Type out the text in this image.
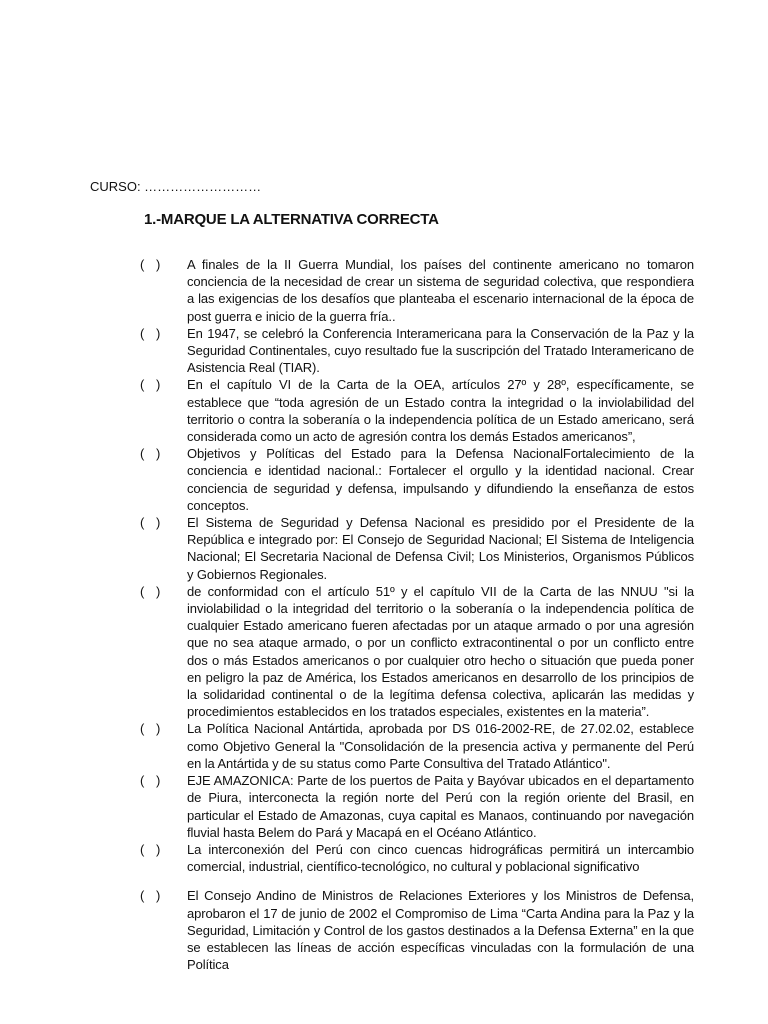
CURSO: ………………………
1.-MARQUE LA ALTERNATIVA CORRECTA
( ) A finales de la II Guerra Mundial, los países del continente americano no tomaron conciencia de la necesidad de crear un sistema de seguridad colectiva, que respondiera a las exigencias de los desafíos que planteaba el escenario internacional de la época de post guerra e inicio de la guerra fría..
( ) En 1947, se celebró la Conferencia Interamericana para la Conservación de la Paz y la Seguridad Continentales, cuyo resultado fue la suscripción del Tratado Interamericano de Asistencia Real (TIAR).
( ) En el capítulo VI de la Carta de la OEA, artículos 27º y 28º, específicamente, se establece que “toda agresión de un Estado contra la integridad o la inviolabilidad del territorio o contra la soberanía o la independencia política de un Estado americano, será considerada como un acto de agresión contra los demás Estados americanos”,
( ) Objetivos y Políticas del Estado para la Defensa NacionalFortalecimiento de la conciencia e identidad nacional.: Fortalecer el orgullo y la identidad nacional. Crear conciencia de seguridad y defensa, impulsando y difundiendo la enseñanza de estos conceptos.
( ) El Sistema de Seguridad y Defensa Nacional es presidido por el Presidente de la República e integrado por: El Consejo de Seguridad Nacional; El Sistema de Inteligencia Nacional; El Secretaria Nacional de Defensa Civil; Los Ministerios, Organismos Públicos y Gobiernos Regionales.
( ) de conformidad con el artículo 51º y el capítulo VII de la Carta de las NNUU "si la inviolabilidad o la integridad del territorio o la soberanía o la independencia política de cualquier Estado americano fueren afectadas por un ataque armado o por una agresión que no sea ataque armado, o por un conflicto extracontinental o por un conflicto entre dos o más Estados americanos o por cualquier otro hecho o situación que pueda poner en peligro la paz de América, los Estados americanos en desarrollo de los principios de la solidaridad continental o de la legítima defensa colectiva, aplicarán las medidas y procedimientos establecidos en los tratados especiales, existentes en la materia”.
( ) La Política Nacional Antártida, aprobada por DS 016-2002-RE, de 27.02.02, establece como Objetivo General la "Consolidación de la presencia activa y permanente del Perú en la Antártida y de su status como Parte Consultiva del Tratado Atlántico".
( ) EJE AMAZONICA: Parte de los puertos de Paita y Bayóvar ubicados en el departamento de Piura, interconecta la región norte del Perú con la región oriente del Brasil, en particular el Estado de Amazonas, cuya capital es Manaos, continuando por navegación fluvial hasta Belem do Pará y Macapá en el Océano Atlántico.
( ) La interconexión del Perú con cinco cuencas hidrográficas permitirá un intercambio comercial, industrial, científico-tecnológico, no cultural y poblacional significativo
( ) El Consejo Andino de Ministros de Relaciones Exteriores y los Ministros de Defensa, aprobaron el 17 de junio de 2002 el Compromiso de Lima “Carta Andina para la Paz y la Seguridad, Limitación y Control de los gastos destinados a la Defensa Externa” en la que se establecen las líneas de acción específicas vinculadas con la formulación de una Política
